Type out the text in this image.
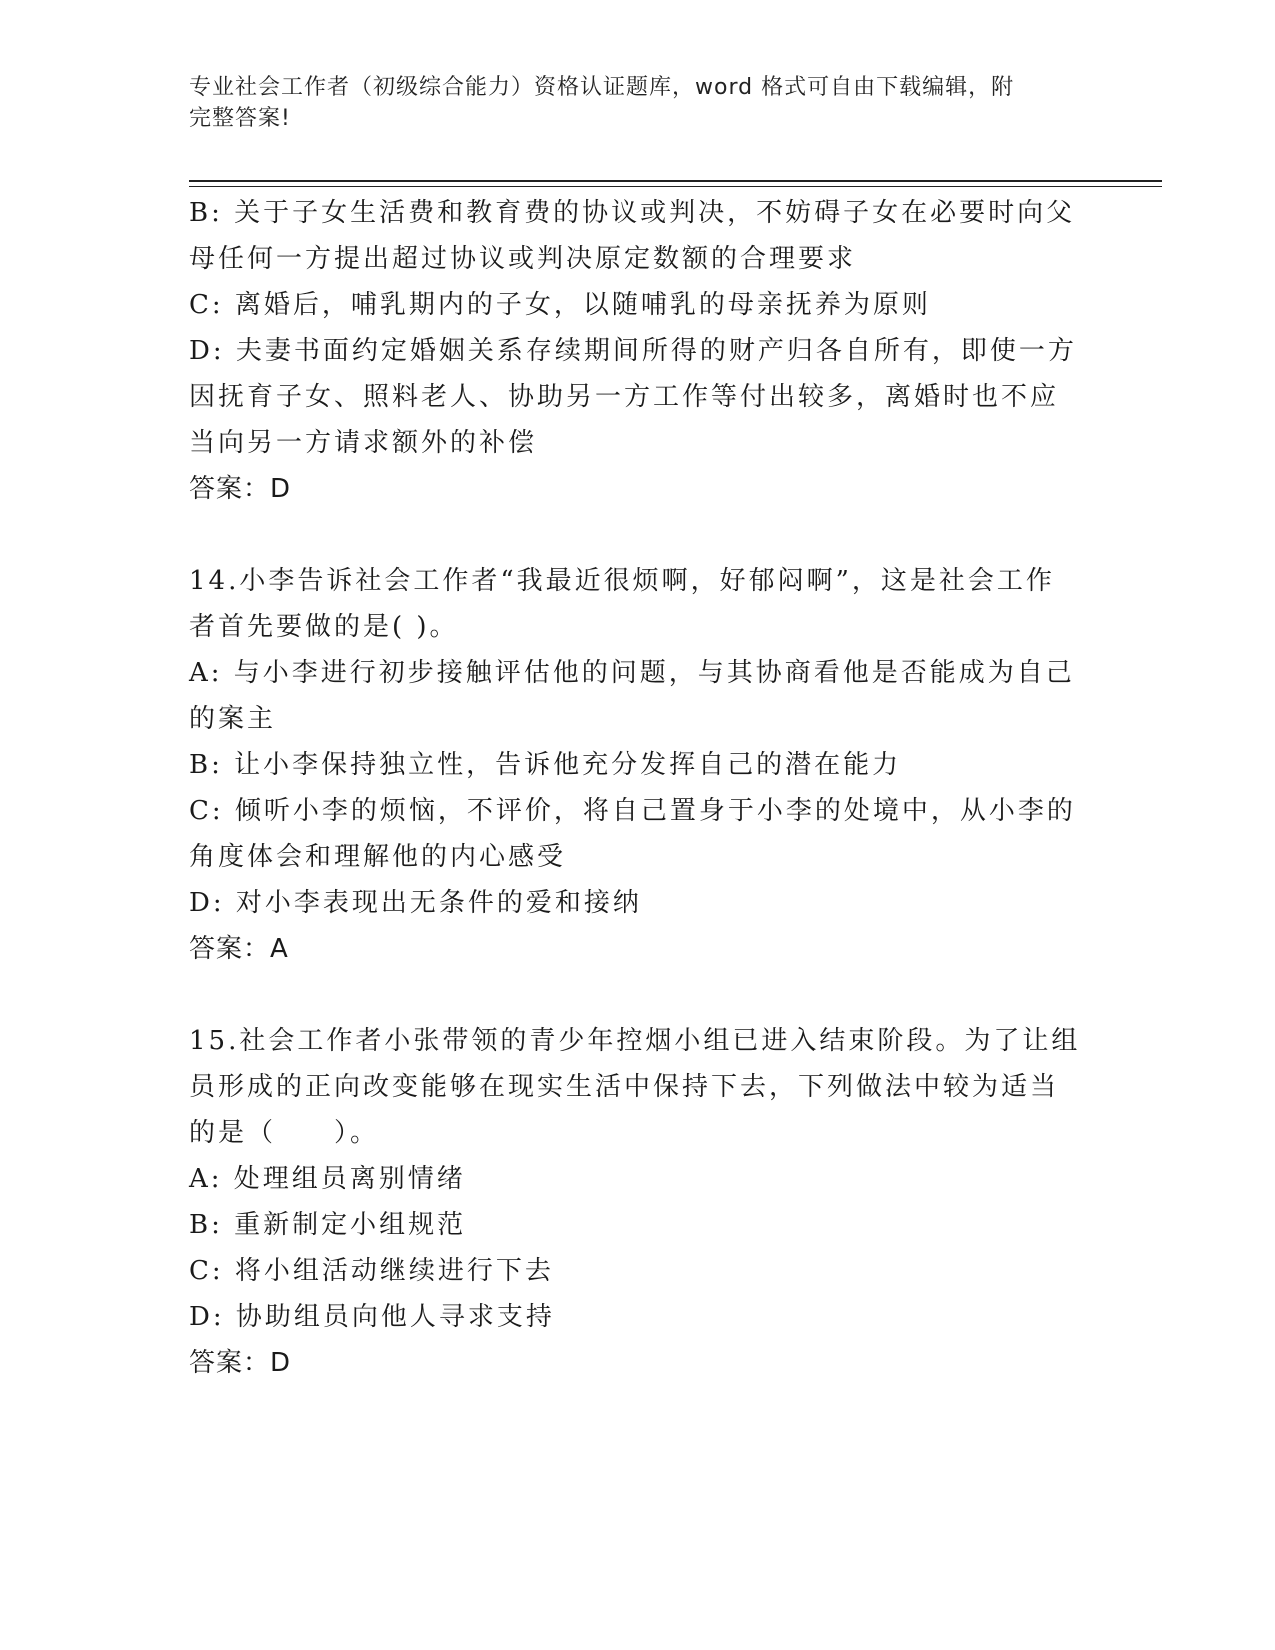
专业社会工作者（初级综合能力）资格认证题库，word 格式可自由下载编辑，附
完整答案!
B: 关于子女生活费和教育费的协议或判决，不妨碍子女在必要时向父
母任何一方提出超过协议或判决原定数额的合理要求
C: 离婚后，哺乳期内的子女，以随哺乳的母亲抚养为原则
D: 夫妻书面约定婚姻关系存续期间所得的财产归各自所有，即使一方
因抚育子女、照料老人、协助另一方工作等付出较多，离婚时也不应
当向另一方请求额外的补偿
答案：D
14.小李告诉社会工作者“我最近很烦啊，好郁闷啊”，这是社会工作
者首先要做的是( )。
A: 与小李进行初步接触评估他的问题，与其协商看他是否能成为自己
的案主
B: 让小李保持独立性，告诉他充分发挥自己的潜在能力
C: 倾听小李的烦恼，不评价，将自己置身于小李的处境中，从小李的
角度体会和理解他的内心感受
D: 对小李表现出无条件的爱和接纳
答案：A
15.社会工作者小张带领的青少年控烟小组已进入结束阶段。为了让组
员形成的正向改变能够在现实生活中保持下去，下列做法中较为适当
的是（　　）。
A: 处理组员离别情绪
B: 重新制定小组规范
C: 将小组活动继续进行下去
D: 协助组员向他人寻求支持
答案：D
